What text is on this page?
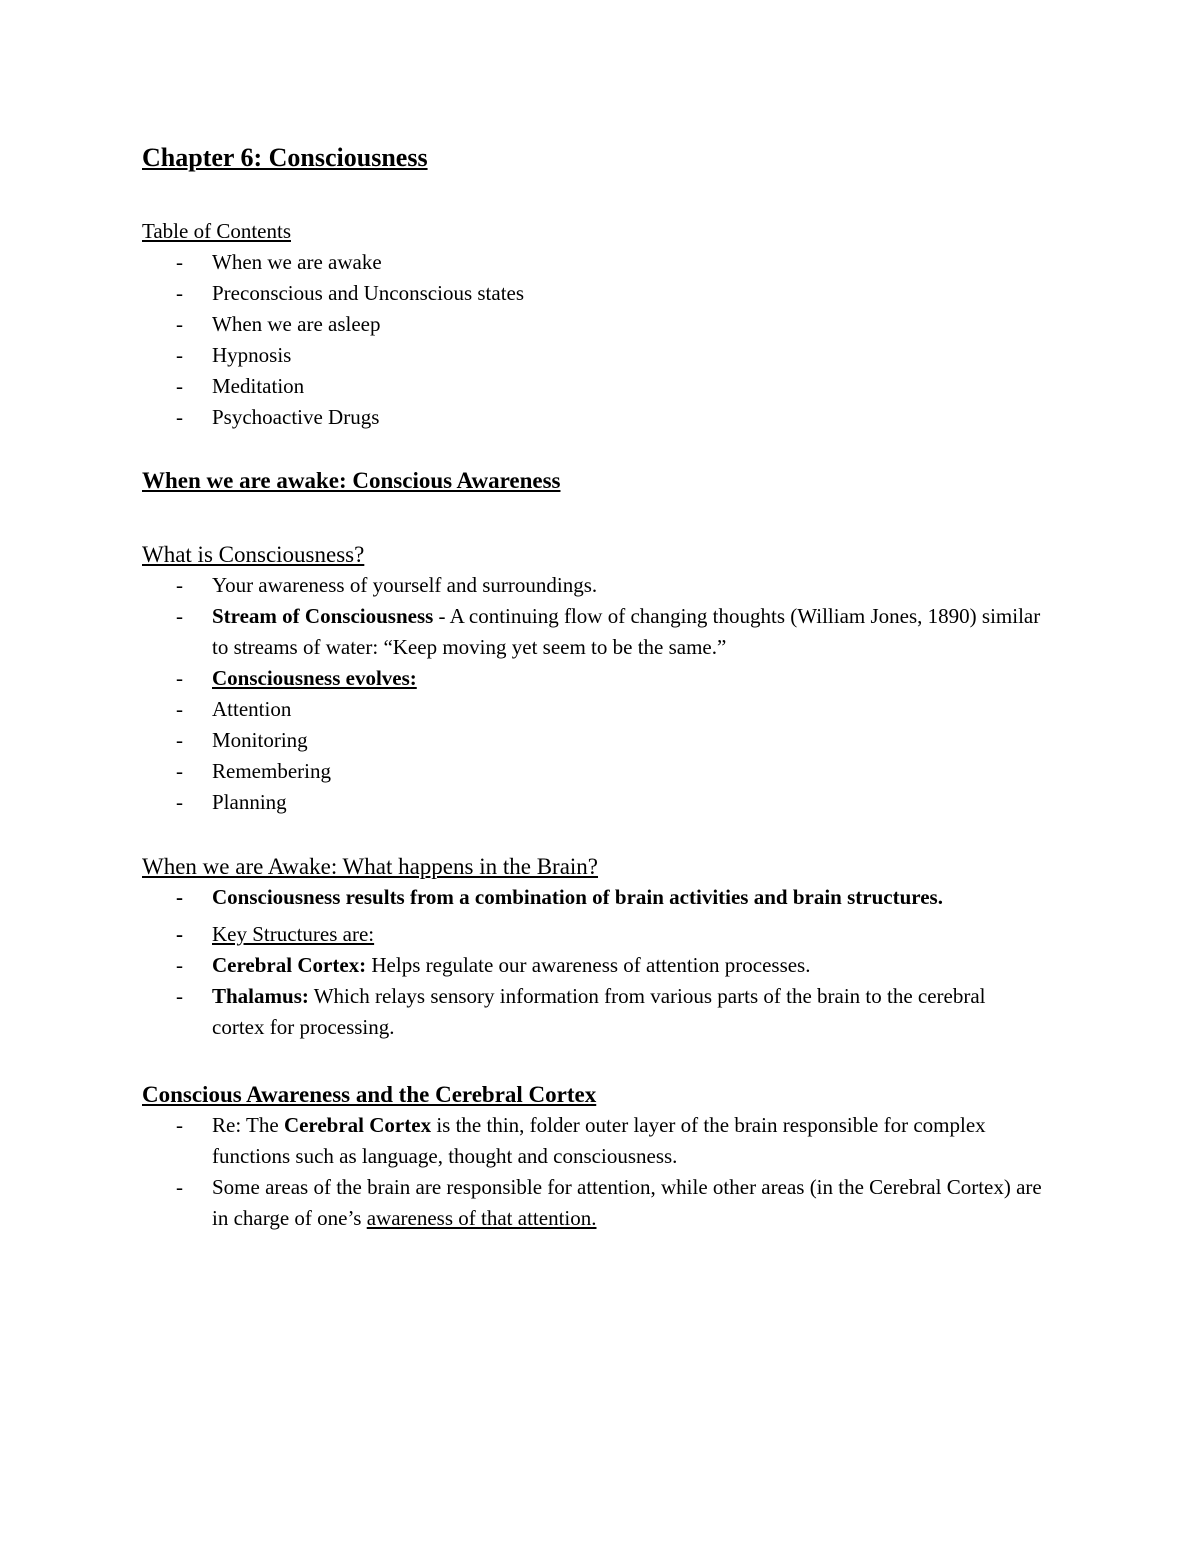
Chapter 6: Consciousness
Table of Contents
- When we are awake
- Preconscious and Unconscious states
- When we are asleep
- Hypnosis
- Meditation
- Psychoactive Drugs
When we are awake: Conscious Awareness
What is Consciousness?
- Your awareness of yourself and surroundings.
- Stream of Consciousness - A continuing flow of changing thoughts (William Jones, 1890) similar to streams of water: “Keep moving yet seem to be the same.”
- Consciousness evolves:
- Attention
- Monitoring
- Remembering
- Planning
When we are Awake: What happens in the Brain?
- Consciousness results from a combination of brain activities and brain structures.
- Key Structures are:
- Cerebral Cortex: Helps regulate our awareness of attention processes.
- Thalamus: Which relays sensory information from various parts of the brain to the cerebral cortex for processing.
Conscious Awareness and the Cerebral Cortex
- Re: The Cerebral Cortex is the thin, folder outer layer of the brain responsible for complex functions such as language, thought and consciousness.
- Some areas of the brain are responsible for attention, while other areas (in the Cerebral Cortex) are in charge of one’s awareness of that attention.
